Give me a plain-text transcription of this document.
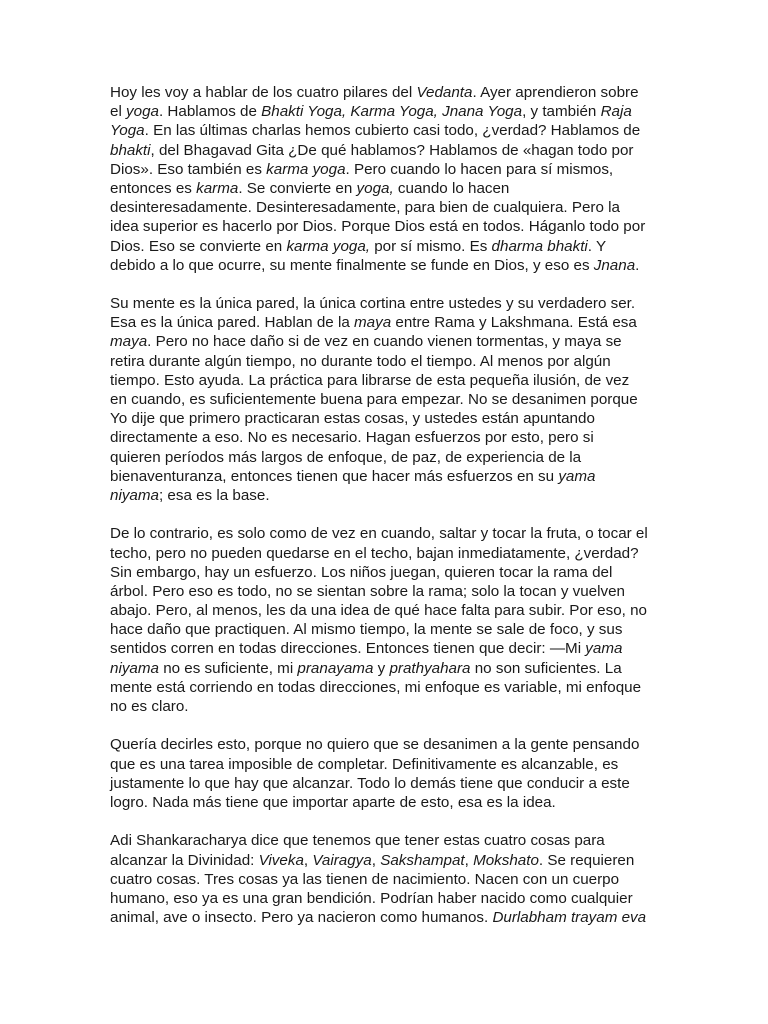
Hoy les voy a hablar de los cuatro pilares del Vedanta. Ayer aprendieron sobre
el yoga. Hablamos de Bhakti Yoga, Karma Yoga, Jnana Yoga, y también Raja
Yoga. En las últimas charlas hemos cubierto casi todo, ¿verdad? Hablamos de
bhakti, del Bhagavad Gita ¿De qué hablamos? Hablamos de «hagan todo por
Dios». Eso también es karma yoga. Pero cuando lo hacen para sí mismos,
entonces es karma. Se convierte en yoga, cuando lo hacen
desinteresadamente. Desinteresadamente, para bien de cualquiera. Pero la
idea superior es hacerlo por Dios. Porque Dios está en todos. Háganlo todo por
Dios. Eso se convierte en karma yoga, por sí mismo. Es dharma bhakti. Y
debido a lo que ocurre, su mente finalmente se funde en Dios, y eso es Jnana.

Su mente es la única pared, la única cortina entre ustedes y su verdadero ser.
Esa es la única pared. Hablan de la maya entre Rama y Lakshmana. Está esa
maya. Pero no hace daño si de vez en cuando vienen tormentas, y maya se
retira durante algún tiempo, no durante todo el tiempo. Al menos por algún
tiempo. Esto ayuda. La práctica para librarse de esta pequeña ilusión, de vez
en cuando, es suficientemente buena para empezar. No se desanimen porque
Yo dije que primero practicaran estas cosas, y ustedes están apuntando
directamente a eso. No es necesario. Hagan esfuerzos por esto, pero si
quieren períodos más largos de enfoque, de paz, de experiencia de la
bienaventuranza, entonces tienen que hacer más esfuerzos en su yama
niyama; esa es la base.

De lo contrario, es solo como de vez en cuando, saltar y tocar la fruta, o tocar el
techo, pero no pueden quedarse en el techo, bajan inmediatamente, ¿verdad?
Sin embargo, hay un esfuerzo. Los niños juegan, quieren tocar la rama del
árbol. Pero eso es todo, no se sientan sobre la rama; solo la tocan y vuelven
abajo. Pero, al menos, les da una idea de qué hace falta para subir. Por eso, no
hace daño que practiquen. Al mismo tiempo, la mente se sale de foco, y sus
sentidos corren en todas direcciones. Entonces tienen que decir: ―Mi yama
niyama no es suficiente, mi pranayama y prathyahara no son suficientes. La
mente está corriendo en todas direcciones, mi enfoque es variable, mi enfoque
no es claro.

Quería decirles esto, porque no quiero que se desanimen a la gente pensando
que es una tarea imposible de completar. Definitivamente es alcanzable, es
justamente lo que hay que alcanzar. Todo lo demás tiene que conducir a este
logro. Nada más tiene que importar aparte de esto, esa es la idea.

Adi Shankaracharya dice que tenemos que tener estas cuatro cosas para
alcanzar la Divinidad: Viveka, Vairagya, Sakshampat, Mokshato. Se requieren
cuatro cosas. Tres cosas ya las tienen de nacimiento. Nacen con un cuerpo
humano, eso ya es una gran bendición. Podrían haber nacido como cualquier
animal, ave o insecto. Pero ya nacieron como humanos. Durlabham trayam eva
